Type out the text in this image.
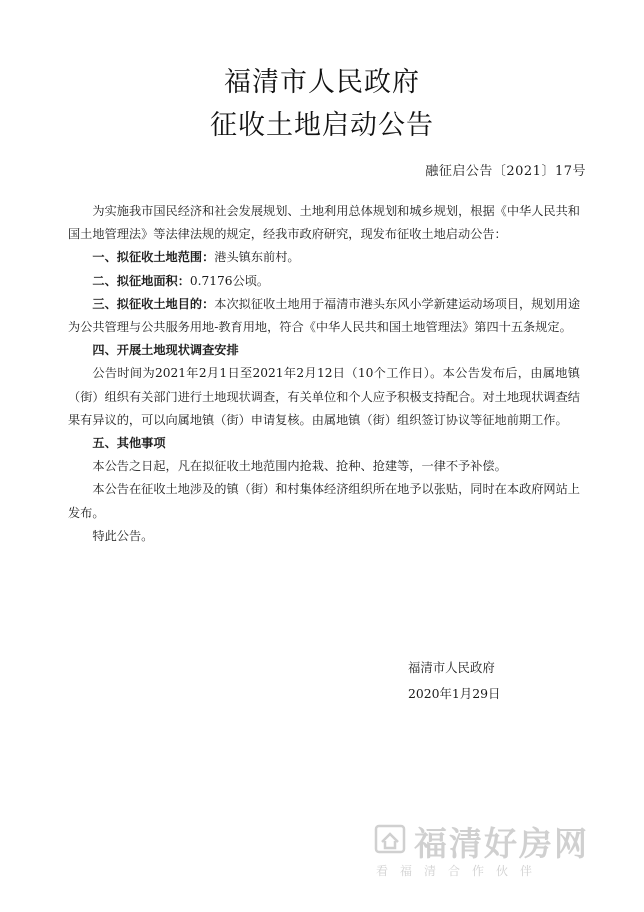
福清市人民政府
征收土地启动公告
融征启公告〔2021〕17号

为实施我市国民经济和社会发展规划、土地利用总体规划和城乡规划，根据《中华人民共和国土地管理法》等法律法规的规定，经我市政府研究，现发布征收土地启动公告：

一、拟征收土地范围：港头镇东前村。

二、拟征地面积：0.7176公顷。

三、拟征收土地目的：本次拟征收土地用于福清市港头东风小学新建运动场项目，规划用途为公共管理与公共服务用地-教育用地，符合《中华人民共和国土地管理法》第四十五条规定。

四、开展土地现状调查安排

公告时间为2021年2月1日至2021年2月12日（10个工作日）。本公告发布后，由属地镇（街）组织有关部门进行土地现状调查，有关单位和个人应予积极支持配合。对土地现状调查结果有异议的，可以向属地镇（街）申请复核。由属地镇（街）组织签订协议等征地前期工作。

五、其他事项

本公告之日起，凡在拟征收土地范围内抢栽、抢种、抢建等，一律不予补偿。

本公告在征收土地涉及的镇（街）和村集体经济组织所在地予以张贴，同时在本政府网站上发布。

特此公告。

福清市人民政府
2020年1月29日
福清好房网
看福清合作伙伴
